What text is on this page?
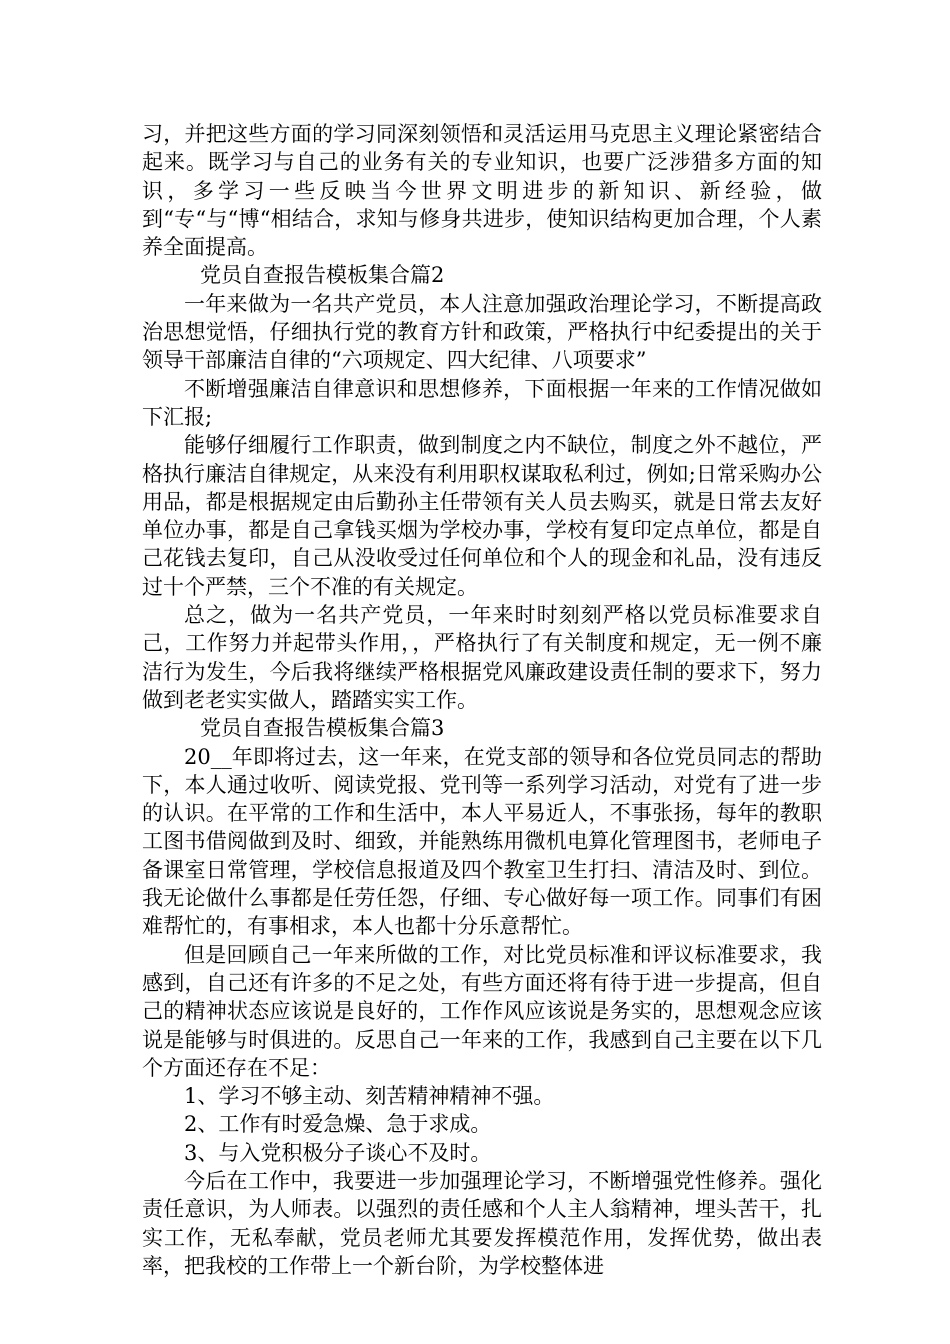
习，并把这些方面的学习同深刻领悟和灵活运用马克思主义理论紧密结合起来。既学习与自己的业务有关的专业知识，也要广泛涉猎多方面的知识，多学习一些反映当今世界文明进步的新知识、新经验，做到“专“与“博“相结合，求知与修身共进步，使知识结构更加合理，个人素养全面提高。

党员自查报告模板集合篇2

一年来做为一名共产党员，本人注意加强政治理论学习，不断提高政治思想觉悟，仔细执行党的教育方针和政策，严格执行中纪委提出的关于领导干部廉洁自律的“六项规定、四大纪律、八项要求”

不断增强廉洁自律意识和思想修养，下面根据一年来的工作情况做如下汇报;

能够仔细履行工作职责，做到制度之内不缺位，制度之外不越位，严格执行廉洁自律规定，从来没有利用职权谋取私利过，例如;日常采购办公用品，都是根据规定由后勤孙主任带领有关人员去购买，就是日常去友好单位办事，都是自己拿钱买烟为学校办事，学校有复印定点单位，都是自己花钱去复印，自己从没收受过任何单位和个人的现金和礼品，没有违反过十个严禁，三个不准的有关规定。

总之，做为一名共产党员，一年来时时刻刻严格以党员标准要求自己，工作努力并起带头作用，，严格执行了有关制度和规定，无一例不廉洁行为发生，今后我将继续严格根据党风廉政建设责任制的要求下，努力做到老老实实做人，踏踏实实工作。

党员自查报告模板集合篇3

20__年即将过去，这一年来，在党支部的领导和各位党员同志的帮助下，本人通过收听、阅读党报、党刊等一系列学习活动，对党有了进一步的认识。在平常的工作和生活中，本人平易近人，不事张扬，每年的教职工图书借阅做到及时、细致，并能熟练用微机电算化管理图书，老师电子备课室日常管理，学校信息报道及四个教室卫生打扫、清洁及时、到位。我无论做什么事都是任劳任怨，仔细、专心做好每一项工作。同事们有困难帮忙的，有事相求，本人也都十分乐意帮忙。

但是回顾自己一年来所做的工作，对比党员标准和评议标准要求，我感到，自己还有许多的不足之处，有些方面还将有待于进一步提高，但自己的精神状态应该说是良好的，工作作风应该说是务实的，思想观念应该说是能够与时俱进的。反思自己一年来的工作，我感到自己主要在以下几个方面还存在不足：

1、学习不够主动、刻苦精神精神不强。

2、工作有时爱急燥、急于求成。

3、与入党积极分子谈心不及时。

今后在工作中，我要进一步加强理论学习，不断增强党性修养。强化责任意识，为人师表。以强烈的责任感和个人主人翁精神，埋头苦干，扎实工作，无私奉献，党员老师尤其要发挥模范作用，发挥优势，做出表率，把我校的工作带上一个新台阶，为学校整体进
